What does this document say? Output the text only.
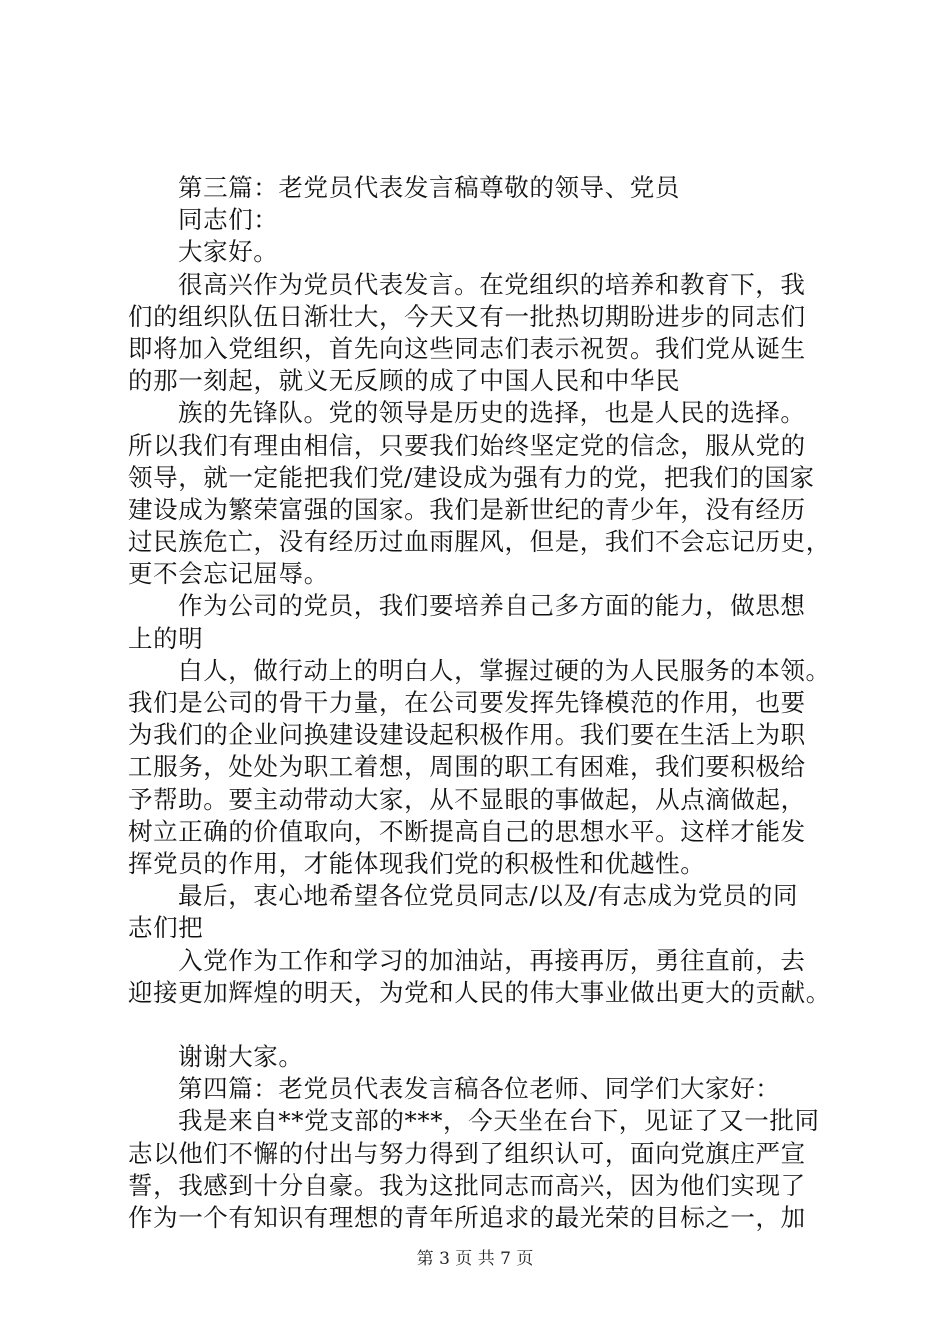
第三篇：老党员代表发言稿尊敬的领导、党员
同志们：
大家好。
很高兴作为党员代表发言。在党组织的培养和教育下，我
们的组织队伍日渐壮大，今天又有一批热切期盼进步的同志们
即将加入党组织，首先向这些同志们表示祝贺。我们党从诞生
的那一刻起，就义无反顾的成了中国人民和中华民
族的先锋队。党的领导是历史的选择，也是人民的选择。
所以我们有理由相信，只要我们始终坚定党的信念，服从党的
领导，就一定能把我们党/建设成为强有力的党，把我们的国家
建设成为繁荣富强的国家。我们是新世纪的青少年，没有经历
过民族危亡，没有经历过血雨腥风，但是，我们不会忘记历史，
更不会忘记屈辱。
作为公司的党员，我们要培养自己多方面的能力，做思想
上的明
白人，做行动上的明白人，掌握过硬的为人民服务的本领。
我们是公司的骨干力量，在公司要发挥先锋模范的作用，也要
为我们的企业问换建设建设起积极作用。我们要在生活上为职
工服务，处处为职工着想，周围的职工有困难，我们要积极给
予帮助。要主动带动大家，从不显眼的事做起，从点滴做起，
树立正确的价值取向，不断提高自己的思想水平。这样才能发
挥党员的作用，才能体现我们党的积极性和优越性。
最后，衷心地希望各位党员同志/以及/有志成为党员的同
志们把
入党作为工作和学习的加油站，再接再厉，勇往直前，去
迎接更加辉煌的明天，为党和人民的伟大事业做出更大的贡献。
谢谢大家。
第四篇：老党员代表发言稿各位老师、同学们大家好：
我是来自**党支部的***，今天坐在台下，见证了又一批同
志以他们不懈的付出与努力得到了组织认可，面向党旗庄严宣
誓，我感到十分自豪。我为这批同志而高兴，因为他们实现了
作为一个有知识有理想的青年所追求的最光荣的目标之一，加
第 3 页 共 7 页
